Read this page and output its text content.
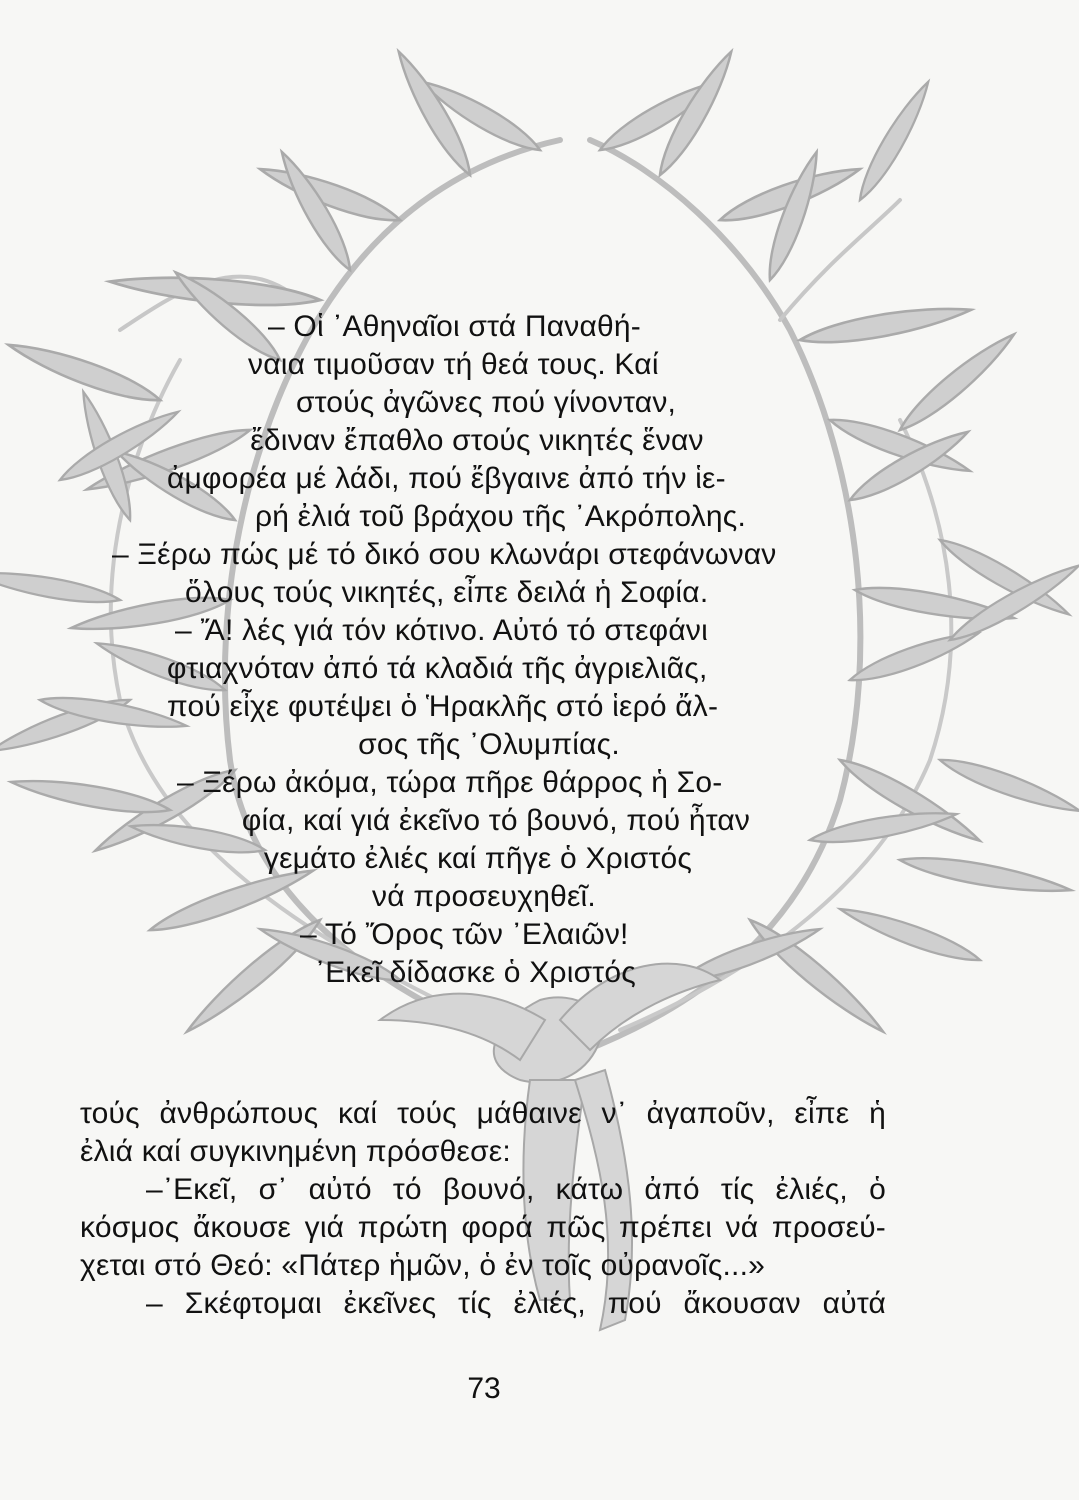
– Οἱ ᾿Αθηναῖοι στά Παναθή-
ναια τιμοῦσαν τή θεά τους. Καί
στούς ἀγῶνες πού γίνονταν,
ἔδιναν ἔπαθλο στούς νικητές ἕναν
ἀμφορέα μέ λάδι, πού ἔβγαινε ἀπό τήν ἱε-
ρή ἐλιά τοῦ βράχου τῆς ᾿Ακρόπολης.
– Ξέρω πώς μέ τό δικό σου κλωνάρι στεφάνωναν
ὅλους τούς νικητές, εἶπε δειλά ἡ Σοφία.
– Ἄ! λές γιά τόν κότινο. Αὐτό τό στεφάνι
φτιαχνόταν ἀπό τά κλαδιά τῆς ἀγριελιᾶς,
πού εἶχε φυτέψει ὁ Ἡρακλῆς στό ἱερό ἄλ-
σος τῆς ᾿Ολυμπίας.
– Ξέρω ἀκόμα, τώρα πῆρε θάρρος ἡ Σο-
φία, καί γιά ἐκεῖνο τό βουνό, πού ἦταν
γεμάτο ἐλιές καί πῆγε ὁ Χριστός
νά προσευχηθεῖ.
– Τό Ὄρος τῶν ᾿Ελαιῶν!
᾿Εκεῖ δίδασκε ὁ Χριστός
τούς ἀνθρώπους καί τούς μάθαινε ν᾿ ἀγαποῦν, εἶπε ἡ
ἐλιά καί συγκινημένη πρόσθεσε:
–᾿Εκεῖ, σ᾿ αὐτό τό βουνό, κάτω ἀπό τίς ἐλιές, ὁ
κόσμος ἄκουσε γιά πρώτη φορά πῶς πρέπει νά προσεύ-
χεται στό Θεό: «Πάτερ ἡμῶν, ὁ ἐν τοῖς οὐρανοῖς...»
– Σκέφτομαι ἐκεῖνες τίς ἐλιές, πού ἄκουσαν αὐτά
73
